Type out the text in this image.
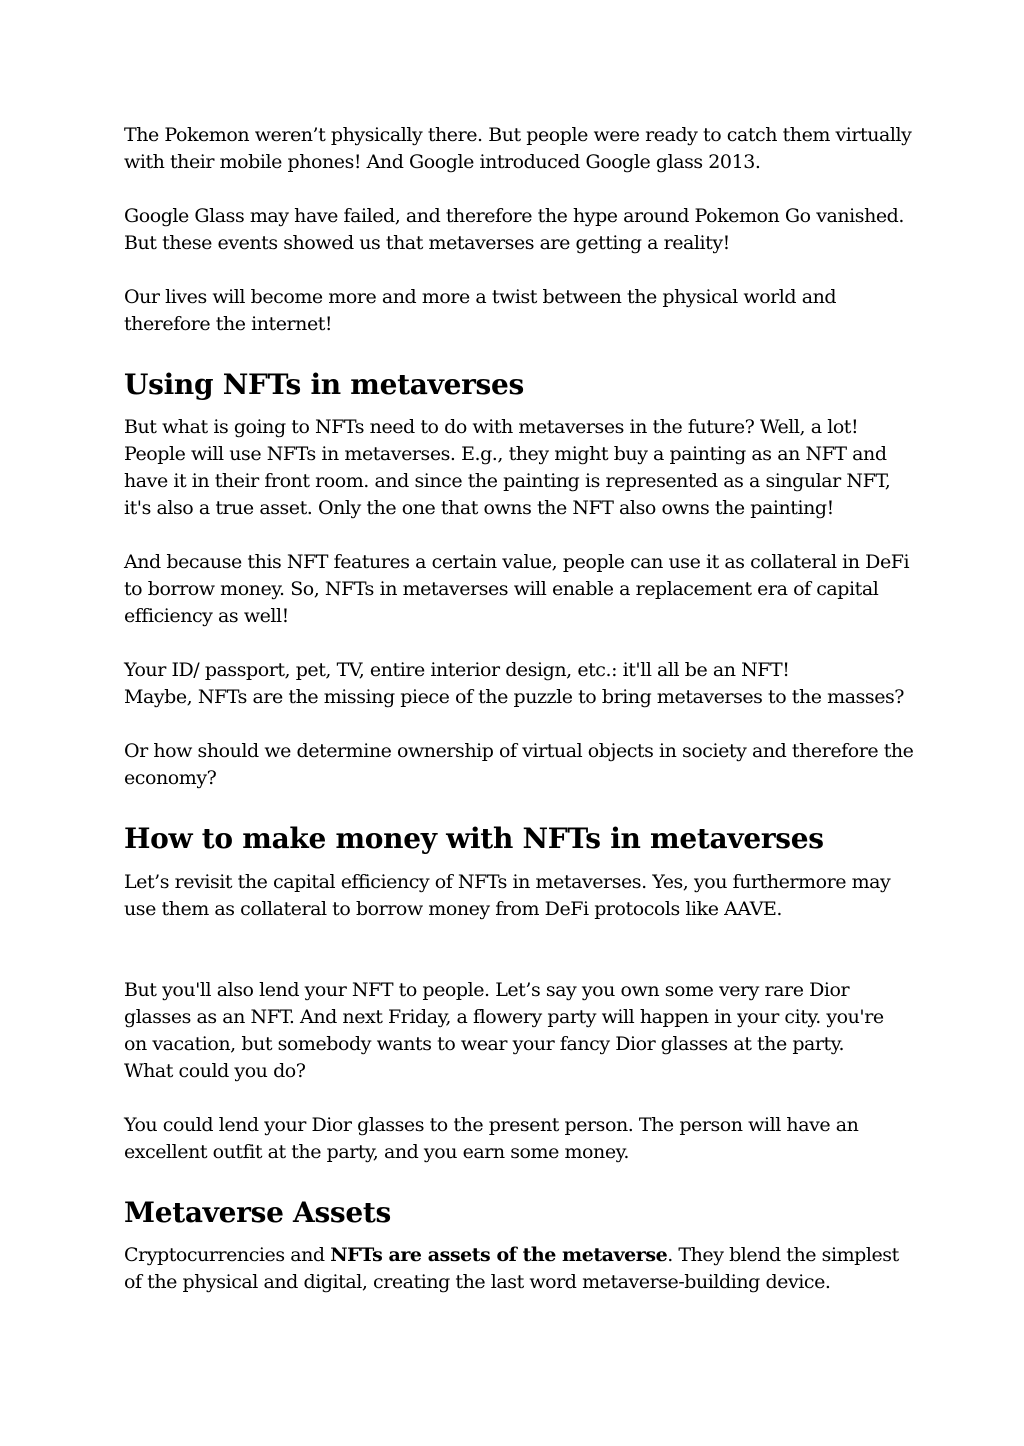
The Pokemon weren’t physically there. But people were ready to catch them virtually
with their mobile phones! And Google introduced Google glass 2013.
Google Glass may have failed, and therefore the hype around Pokemon Go vanished.
But these events showed us that metaverses are getting a reality!
Our lives will become more and more a twist between the physical world and
therefore the internet!
Using NFTs in metaverses
But what is going to NFTs need to do with metaverses in the future? Well, a lot!
People will use NFTs in metaverses. E.g., they might buy a painting as an NFT and
have it in their front room. and since the painting is represented as a singular NFT,
it's also a true asset. Only the one that owns the NFT also owns the painting!
And because this NFT features a certain value, people can use it as collateral in DeFi
to borrow money. So, NFTs in metaverses will enable a replacement era of capital
efficiency as well!
Your ID/ passport, pet, TV, entire interior design, etc.: it'll all be an NFT!
Maybe, NFTs are the missing piece of the puzzle to bring metaverses to the masses?
Or how should we determine ownership of virtual objects in society and therefore the
economy?
How to make money with NFTs in metaverses
Let’s revisit the capital efficiency of NFTs in metaverses. Yes, you furthermore may
use them as collateral to borrow money from DeFi protocols like AAVE.
But you'll also lend your NFT to people. Let’s say you own some very rare Dior
glasses as an NFT. And next Friday, a flowery party will happen in your city. you're
on vacation, but somebody wants to wear your fancy Dior glasses at the party.
What could you do?
You could lend your Dior glasses to the present person. The person will have an
excellent outfit at the party, and you earn some money.
Metaverse Assets
Cryptocurrencies and NFTs are assets of the metaverse. They blend the simplest
of the physical and digital, creating the last word metaverse-building device.
